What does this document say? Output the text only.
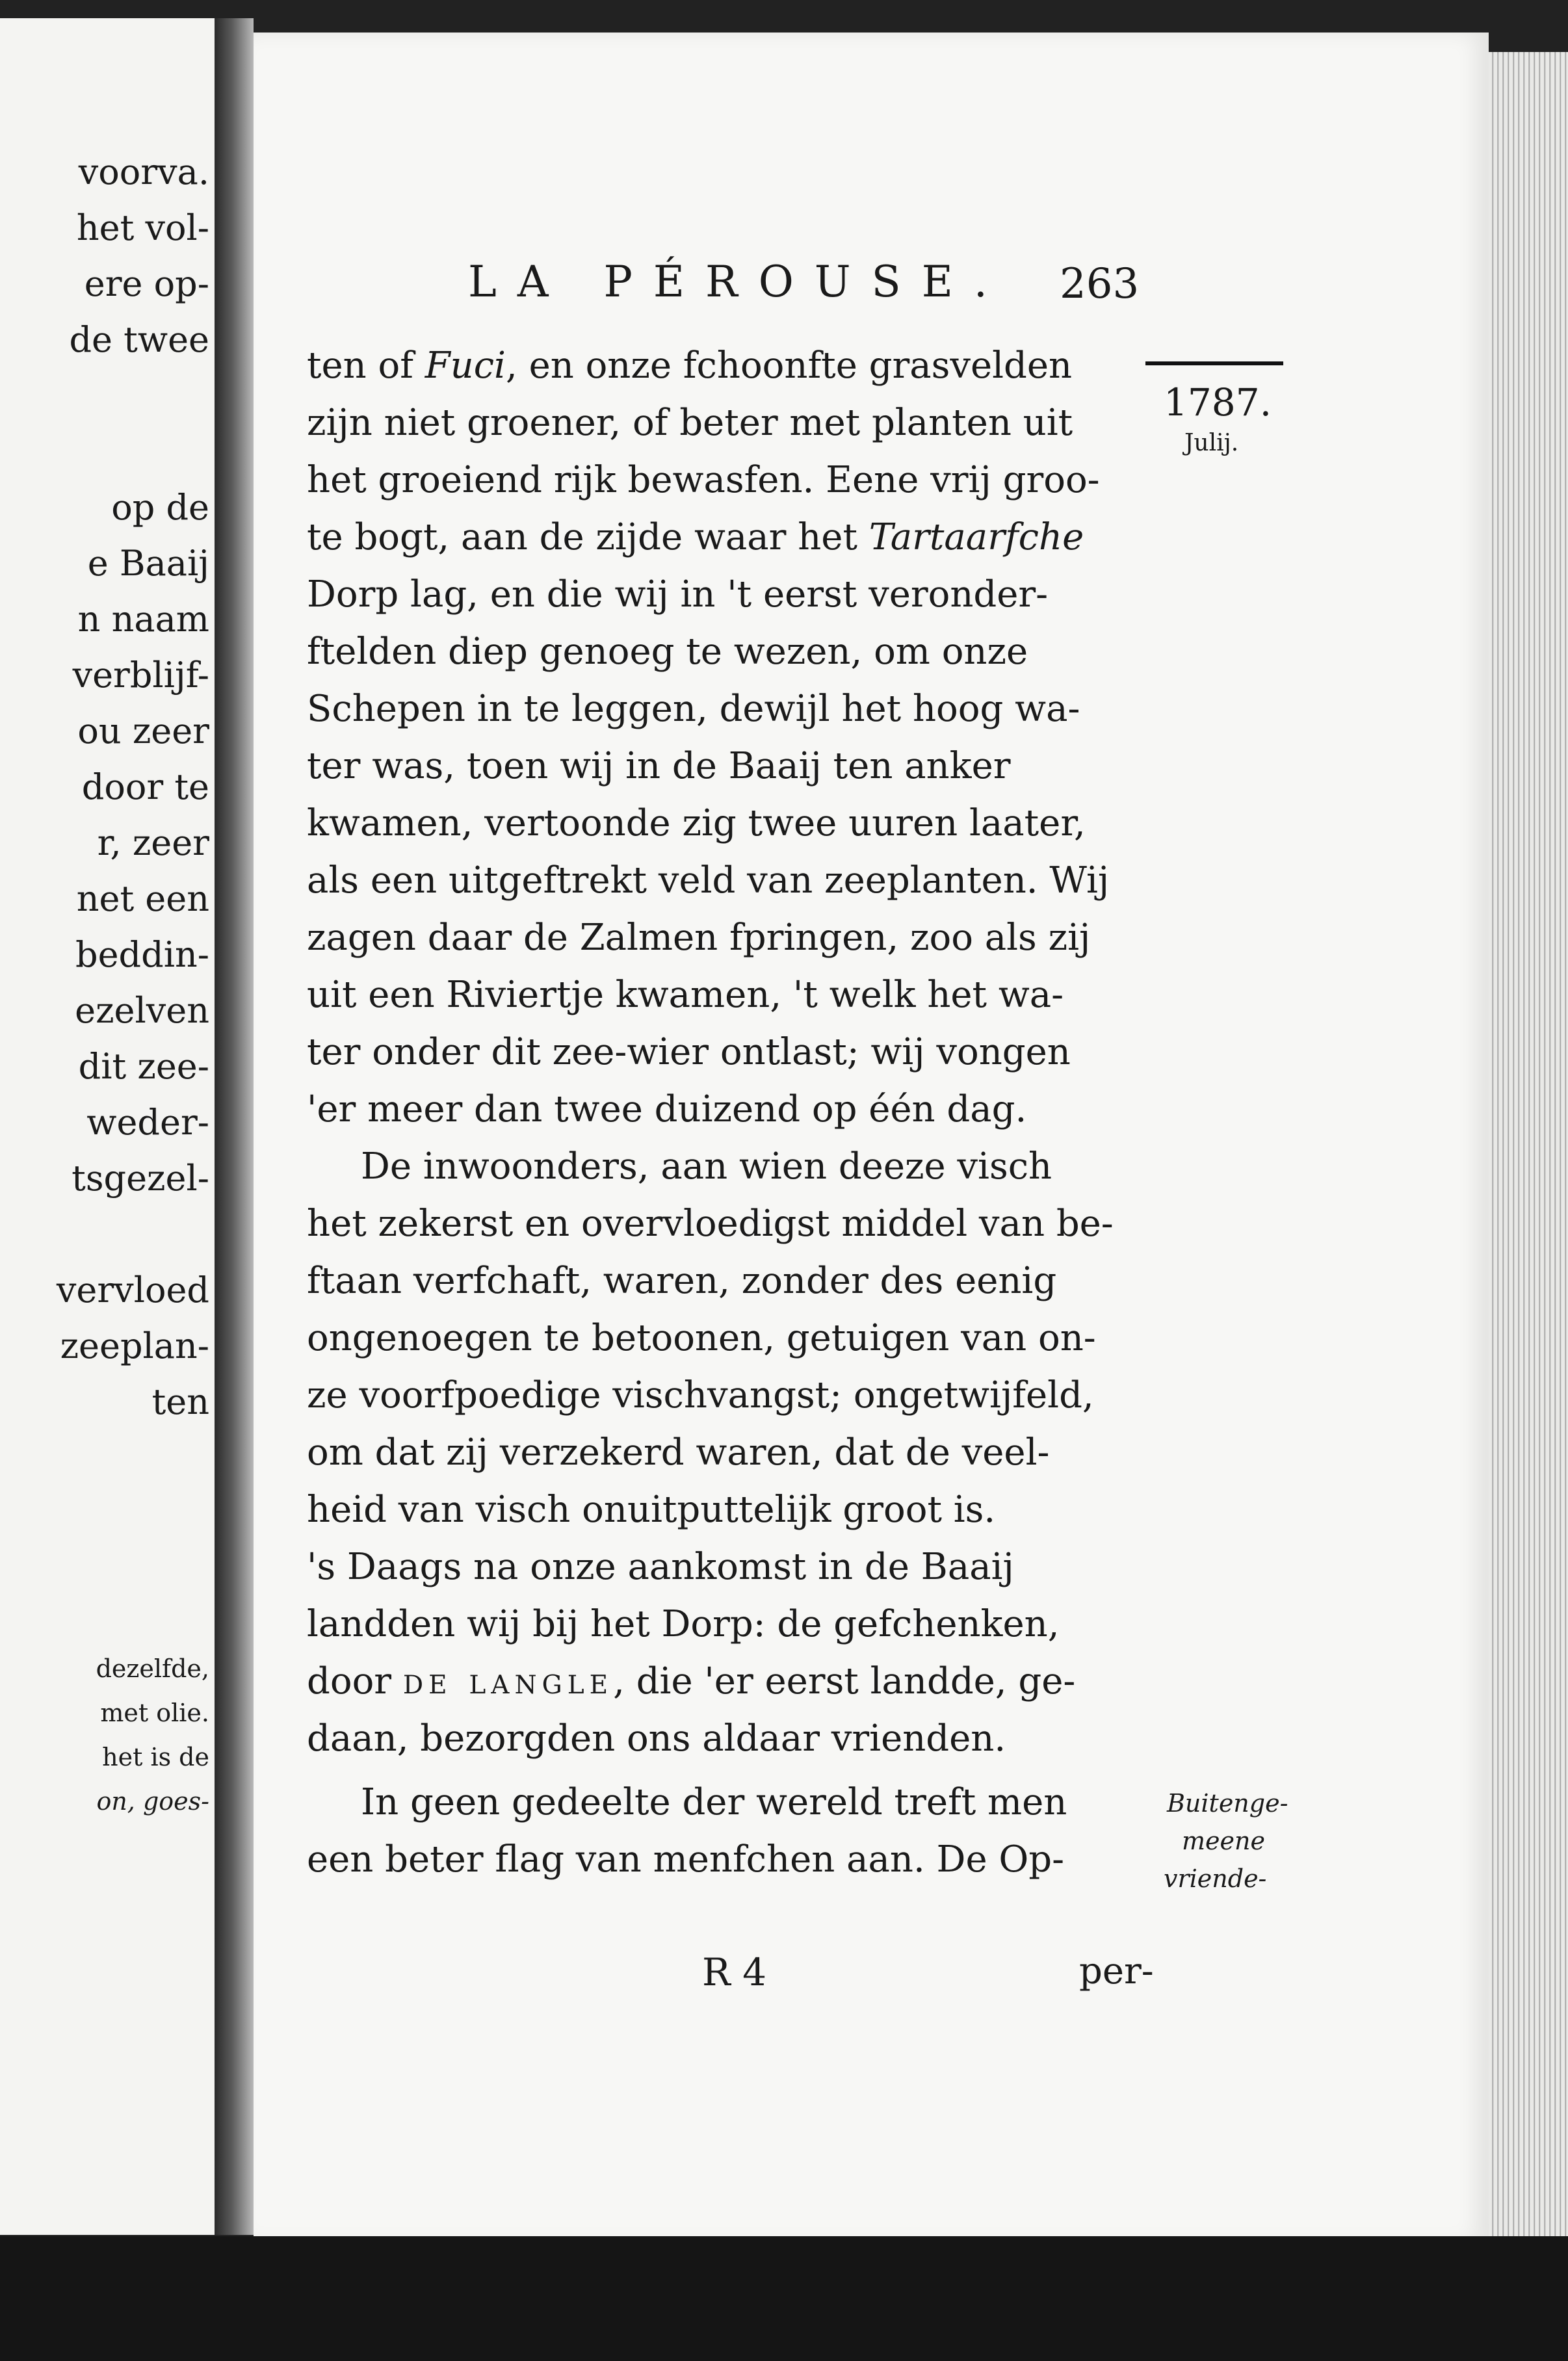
voorva.
het vol-
ere op-
de twee
op de
e Baaij
n naam
verblijf-
ou zeer
door te
r, zeer
net een
beddin-
ezelven
dit zee-
weder-
tsgezel-
vervloed
zeeplan-
ten
dezelfde,
met olie.
het is de
on, goes-
LA PÉROUSE. 263
1787.
Julij.
ten of Fuci, en onze fchoonfte grasvelden
zijn niet groener, of beter met planten uit
het groeiend rijk bewasfen. Eene vrij groo-
te bogt, aan de zijde waar het Tartaarfche
Dorp lag, en die wij in 't eerst veronder-
ftelden diep genoeg te wezen, om onze
Schepen in te leggen, dewijl het hoog wa-
ter was, toen wij in de Baaij ten anker
kwamen, vertoonde zig twee uuren laater,
als een uitgeftrekt veld van zeeplanten. Wij
zagen daar de Zalmen fpringen, zoo als zij
uit een Riviertje kwamen, 't welk het wa-
ter onder dit zee-wier ontlast; wij vongen
'er meer dan twee duizend op één dag.
De inwoonders, aan wien deeze visch
het zekerst en overvloedigst middel van be-
ftaan verfchaft, waren, zonder des eenig
ongenoegen te betoonen, getuigen van on-
ze voorfpoedige vischvangst; ongetwijfeld,
om dat zij verzekerd waren, dat de veel-
heid van visch onuitputtelijk groot is.
's Daags na onze aankomst in de Baaij
landden wij bij het Dorp: de gefchenken,
door de langle, die 'er eerst landde, ge-
daan, bezorgden ons aldaar vrienden.
In geen gedeelte der wereld treft men
een beter flag van menfchen aan. De Op-
Buitenge-
meene
vriende-
R 4	per-
